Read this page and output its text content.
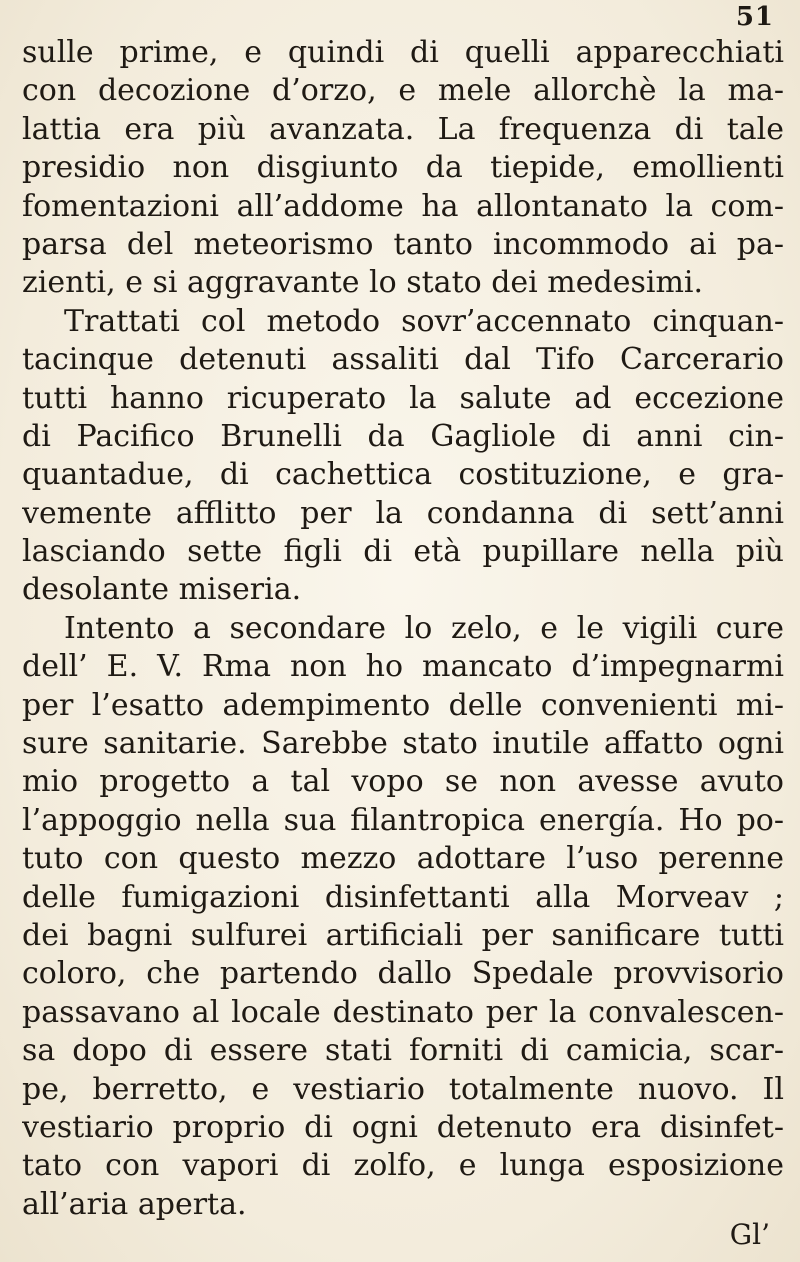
51
sulle prime, e quindi di quelli apparecchiati
con decozione d’orzo, e mele allorchè la ma-
lattia era più avanzata. La frequenza di tale
presidio non disgiunto da tiepide, emollienti
fomentazioni all’addome ha allontanato la com-
parsa del meteorismo tanto incommodo ai pa-
zienti, e si aggravante lo stato dei medesimi.
Trattati col metodo sovr’accennato cinquan-
tacinque detenuti assaliti dal Tifo Carcerario
tutti hanno ricuperato la salute ad eccezione
di Pacifico Brunelli da Gagliole di anni cin-
quantadue, di cachettica costituzione, e gra-
vemente afflitto per la condanna di sett’anni
lasciando sette figli di età pupillare nella più
desolante miseria.
Intento a secondare lo zelo, e le vigili cure
dell’ E. V. Rma non ho mancato d’impegnarmi
per l’esatto adempimento delle convenienti mi-
sure sanitarie. Sarebbe stato inutile affatto ogni
mio progetto a tal vopo se non avesse avuto
l’appoggio nella sua filantropica energía. Ho po-
tuto con questo mezzo adottare l’uso perenne
delle fumigazioni disinfettanti alla Morveav ;
dei bagni sulfurei artificiali per sanificare tutti
coloro, che partendo dallo Spedale provvisorio
passavano al locale destinato per la convalescen-
sa dopo di essere stati forniti di camicia, scar-
pe, berretto, e vestiario totalmente nuovo. Il
vestiario proprio di ogni detenuto era disinfet-
tato con vapori di zolfo, e lunga esposizione
all’aria aperta.
Gl’
